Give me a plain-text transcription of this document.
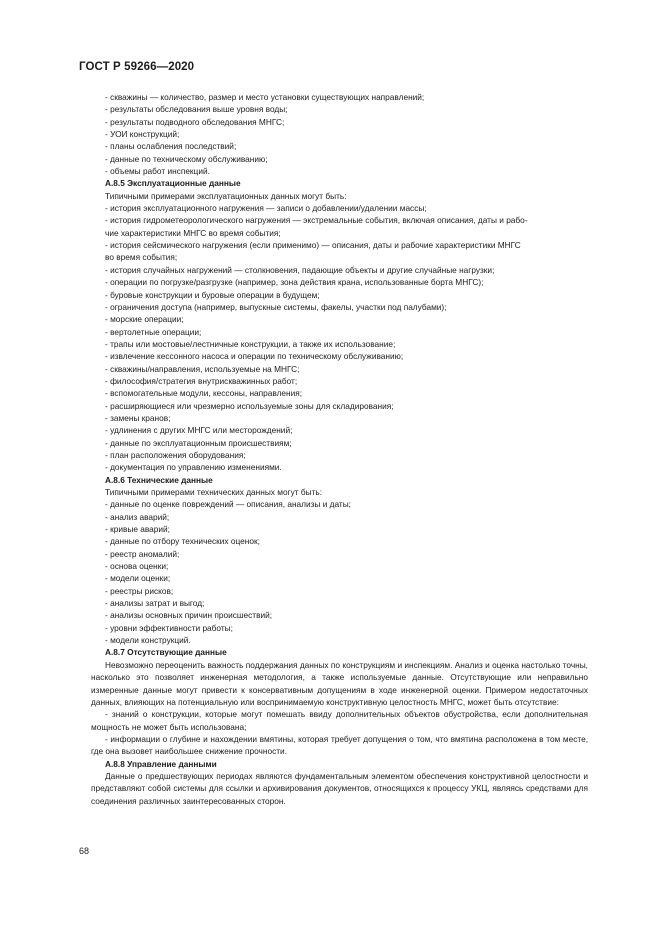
ГОСТ Р 59266—2020
- скважины — количество, размер и место установки существующих направлений;
- результаты обследования выше уровня воды;
- результаты подводного обследования МНГС;
- УОИ конструкций;
- планы ослабления последствий;
- данные по техническому обслуживанию;
- объемы работ инспекций.
А.8.5 Эксплуатационные данные
Типичными примерами эксплуатационных данных могут быть:
- история эксплуатационного нагружения — записи о добавлении/удалении массы;
- история гидрометеорологического нагружения — экстремальные события, включая описания, даты и рабо-
чие характеристики МНГС во время события;
- история сейсмического нагружения (если применимо) — описания, даты и рабочие характеристики МНГС
во время события;
- история случайных нагружений — столкновения, падающие объекты и другие случайные нагрузки;
- операции по погрузке/разгрузке (например, зона действия крана, использованные борта МНГС);
- буровые конструкции и буровые операции в будущем;
- ограничения доступа (например, выпускные системы, факелы, участки под палубами);
- морские операции;
- вертолетные операции;
- трапы или мостовые/лестничные конструкции, а также их использование;
- извлечение кессонного насоса и операции по техническому обслуживанию;
- скважины/направления, используемые на МНГС;
- философия/стратегия внутрискважинных работ;
- вспомогательные модули, кессоны, направления;
- расширяющиеся или чрезмерно используемые зоны для складирования;
- замены кранов;
- удлинения с других МНГС или месторождений;
- данные по эксплуатационным происшествиям;
- план расположения оборудования;
- документация по управлению изменениями.
А.8.6 Технические данные
Типичными примерами технических данных могут быть:
- данные по оценке повреждений — описания, анализы и даты;
- анализ аварий;
- кривые аварий;
- данные по отбору технических оценок;
- реестр аномалий;
- основа оценки;
- модели оценки;
- реестры рисков;
- анализы затрат и выгод;
- анализы основных причин происшествий;
- уровни эффективности работы;
- модели конструкций.
А.8.7 Отсутствующие данные
Невозможно переоценить важность поддержания данных по конструкциям и инспекциям. Анализ и оценка настолько точны, насколько это позволяет инженерная методология, а также используемые данные. Отсутствующие или неправильно измеренные данные могут привести к консервативным допущениям в ходе инженерной оценки. Примером недостаточных данных, влияющих на потенциальную или воспринимаемую конструктивную целостность МНГС, может быть отсутствие:
- знаний о конструкции, которые могут помешать ввиду дополнительных объектов обустройства, если дополнительная мощность не может быть использована;
- информации о глубине и нахождении вмятины, которая требует допущения о том, что вмятина расположена в том месте, где она вызовет наибольшее снижение прочности.
А.8.8 Управление данными
Данные о предшествующих периодах являются фундаментальным элементом обеспечения конструктивной целостности и представляют собой системы для ссылки и архивирования документов, относящихся к процессу УКЦ, являясь средствами для соединения различных заинтересованных сторон.
68
